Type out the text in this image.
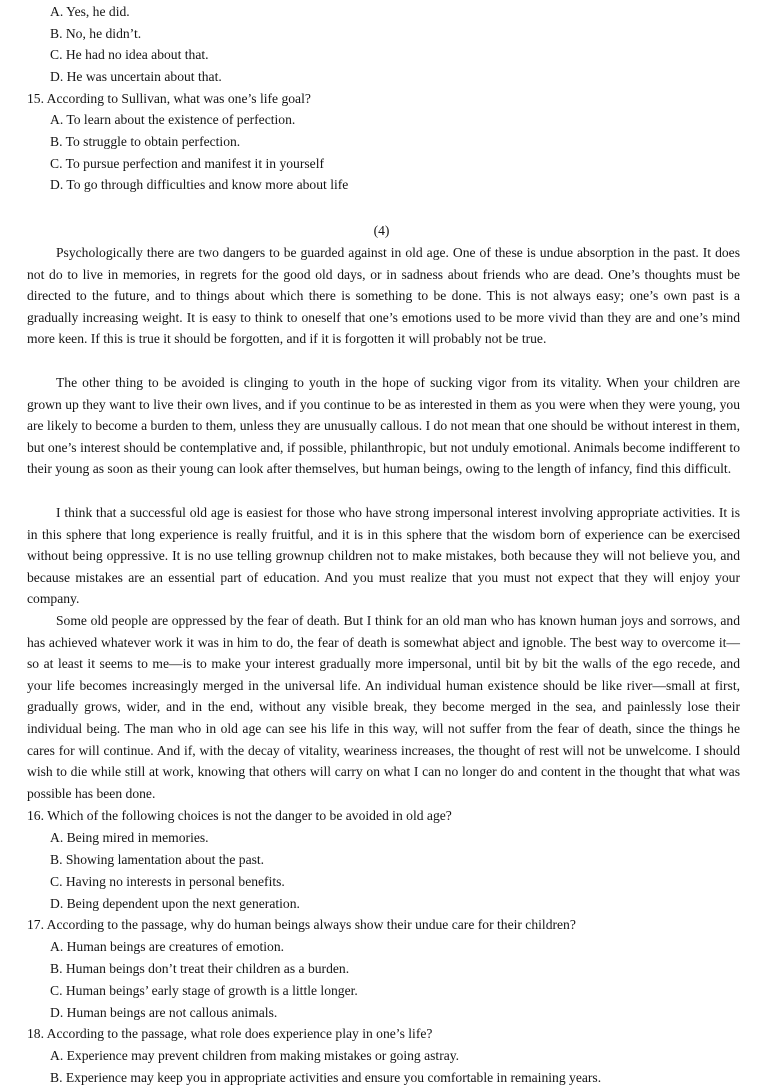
A. Yes, he did.
B. No, he didn’t.
C. He had no idea about that.
D. He was uncertain about that.
15. According to Sullivan, what was one’s life goal?
A. To learn about the existence of perfection.
B. To struggle to obtain perfection.
C. To pursue perfection and manifest it in yourself
D. To go through difficulties and know more about life
(4)

Psychologically there are two dangers to be guarded against in old age. One of these is undue absorption in the past. It does not do to live in memories, in regrets for the good old days, or in sadness about friends who are dead. One’s thoughts must be directed to the future, and to things about which there is something to be done. This is not always easy; one’s own past is a gradually increasing weight. It is easy to think to oneself that one’s emotions used to be more vivid than they are and one’s mind more keen. If this is true it should be forgotten, and if it is forgotten it will probably not be true.

The other thing to be avoided is clinging to youth in the hope of sucking vigor from its vitality. When your children are grown up they want to live their own lives, and if you continue to be as interested in them as you were when they were young, you are likely to become a burden to them, unless they are unusually callous. I do not mean that one should be without interest in them, but one’s interest should be contemplative and, if possible, philanthropic, but not unduly emotional. Animals become indifferent to their young as soon as their young can look after themselves, but human beings, owing to the length of infancy, find this difficult.

I think that a successful old age is easiest for those who have strong impersonal interest involving appropriate activities. It is in this sphere that long experience is really fruitful, and it is in this sphere that the wisdom born of experience can be exercised without being oppressive. It is no use telling grownup children not to make mistakes, both because they will not believe you, and because mistakes are an essential part of education. And you must realize that you must not expect that they will enjoy your company.

Some old people are oppressed by the fear of death. But I think for an old man who has known human joys and sorrows, and has achieved whatever work it was in him to do, the fear of death is somewhat abject and ignoble. The best way to overcome it—so at least it seems to me—is to make your interest gradually more impersonal, until bit by bit the walls of the ego recede, and your life becomes increasingly merged in the universal life. An individual human existence should be like river—small at first, gradually grows, wider, and in the end, without any visible break, they become merged in the sea, and painlessly lose their individual being. The man who in old age can see his life in this way, will not suffer from the fear of death, since the things he cares for will continue. And if, with the decay of vitality, weariness increases, the thought of rest will not be unwelcome. I should wish to die while still at work, knowing that others will carry on what I can no longer do and content in the thought that what was possible has been done.

16. Which of the following choices is not the danger to be avoided in old age?
A. Being mired in memories.
B. Showing lamentation about the past.
C. Having no interests in personal benefits.
D. Being dependent upon the next generation.
17. According to the passage, why do human beings always show their undue care for their children?
A. Human beings are creatures of emotion.
B. Human beings don’t treat their children as a burden.
C. Human beings’ early stage of growth is a little longer.
D. Human beings are not callous animals.
18. According to the passage, what role does experience play in one’s life?
A. Experience may prevent children from making mistakes or going astray.
B. Experience may keep you in appropriate activities and ensure you comfortable in remaining years.
